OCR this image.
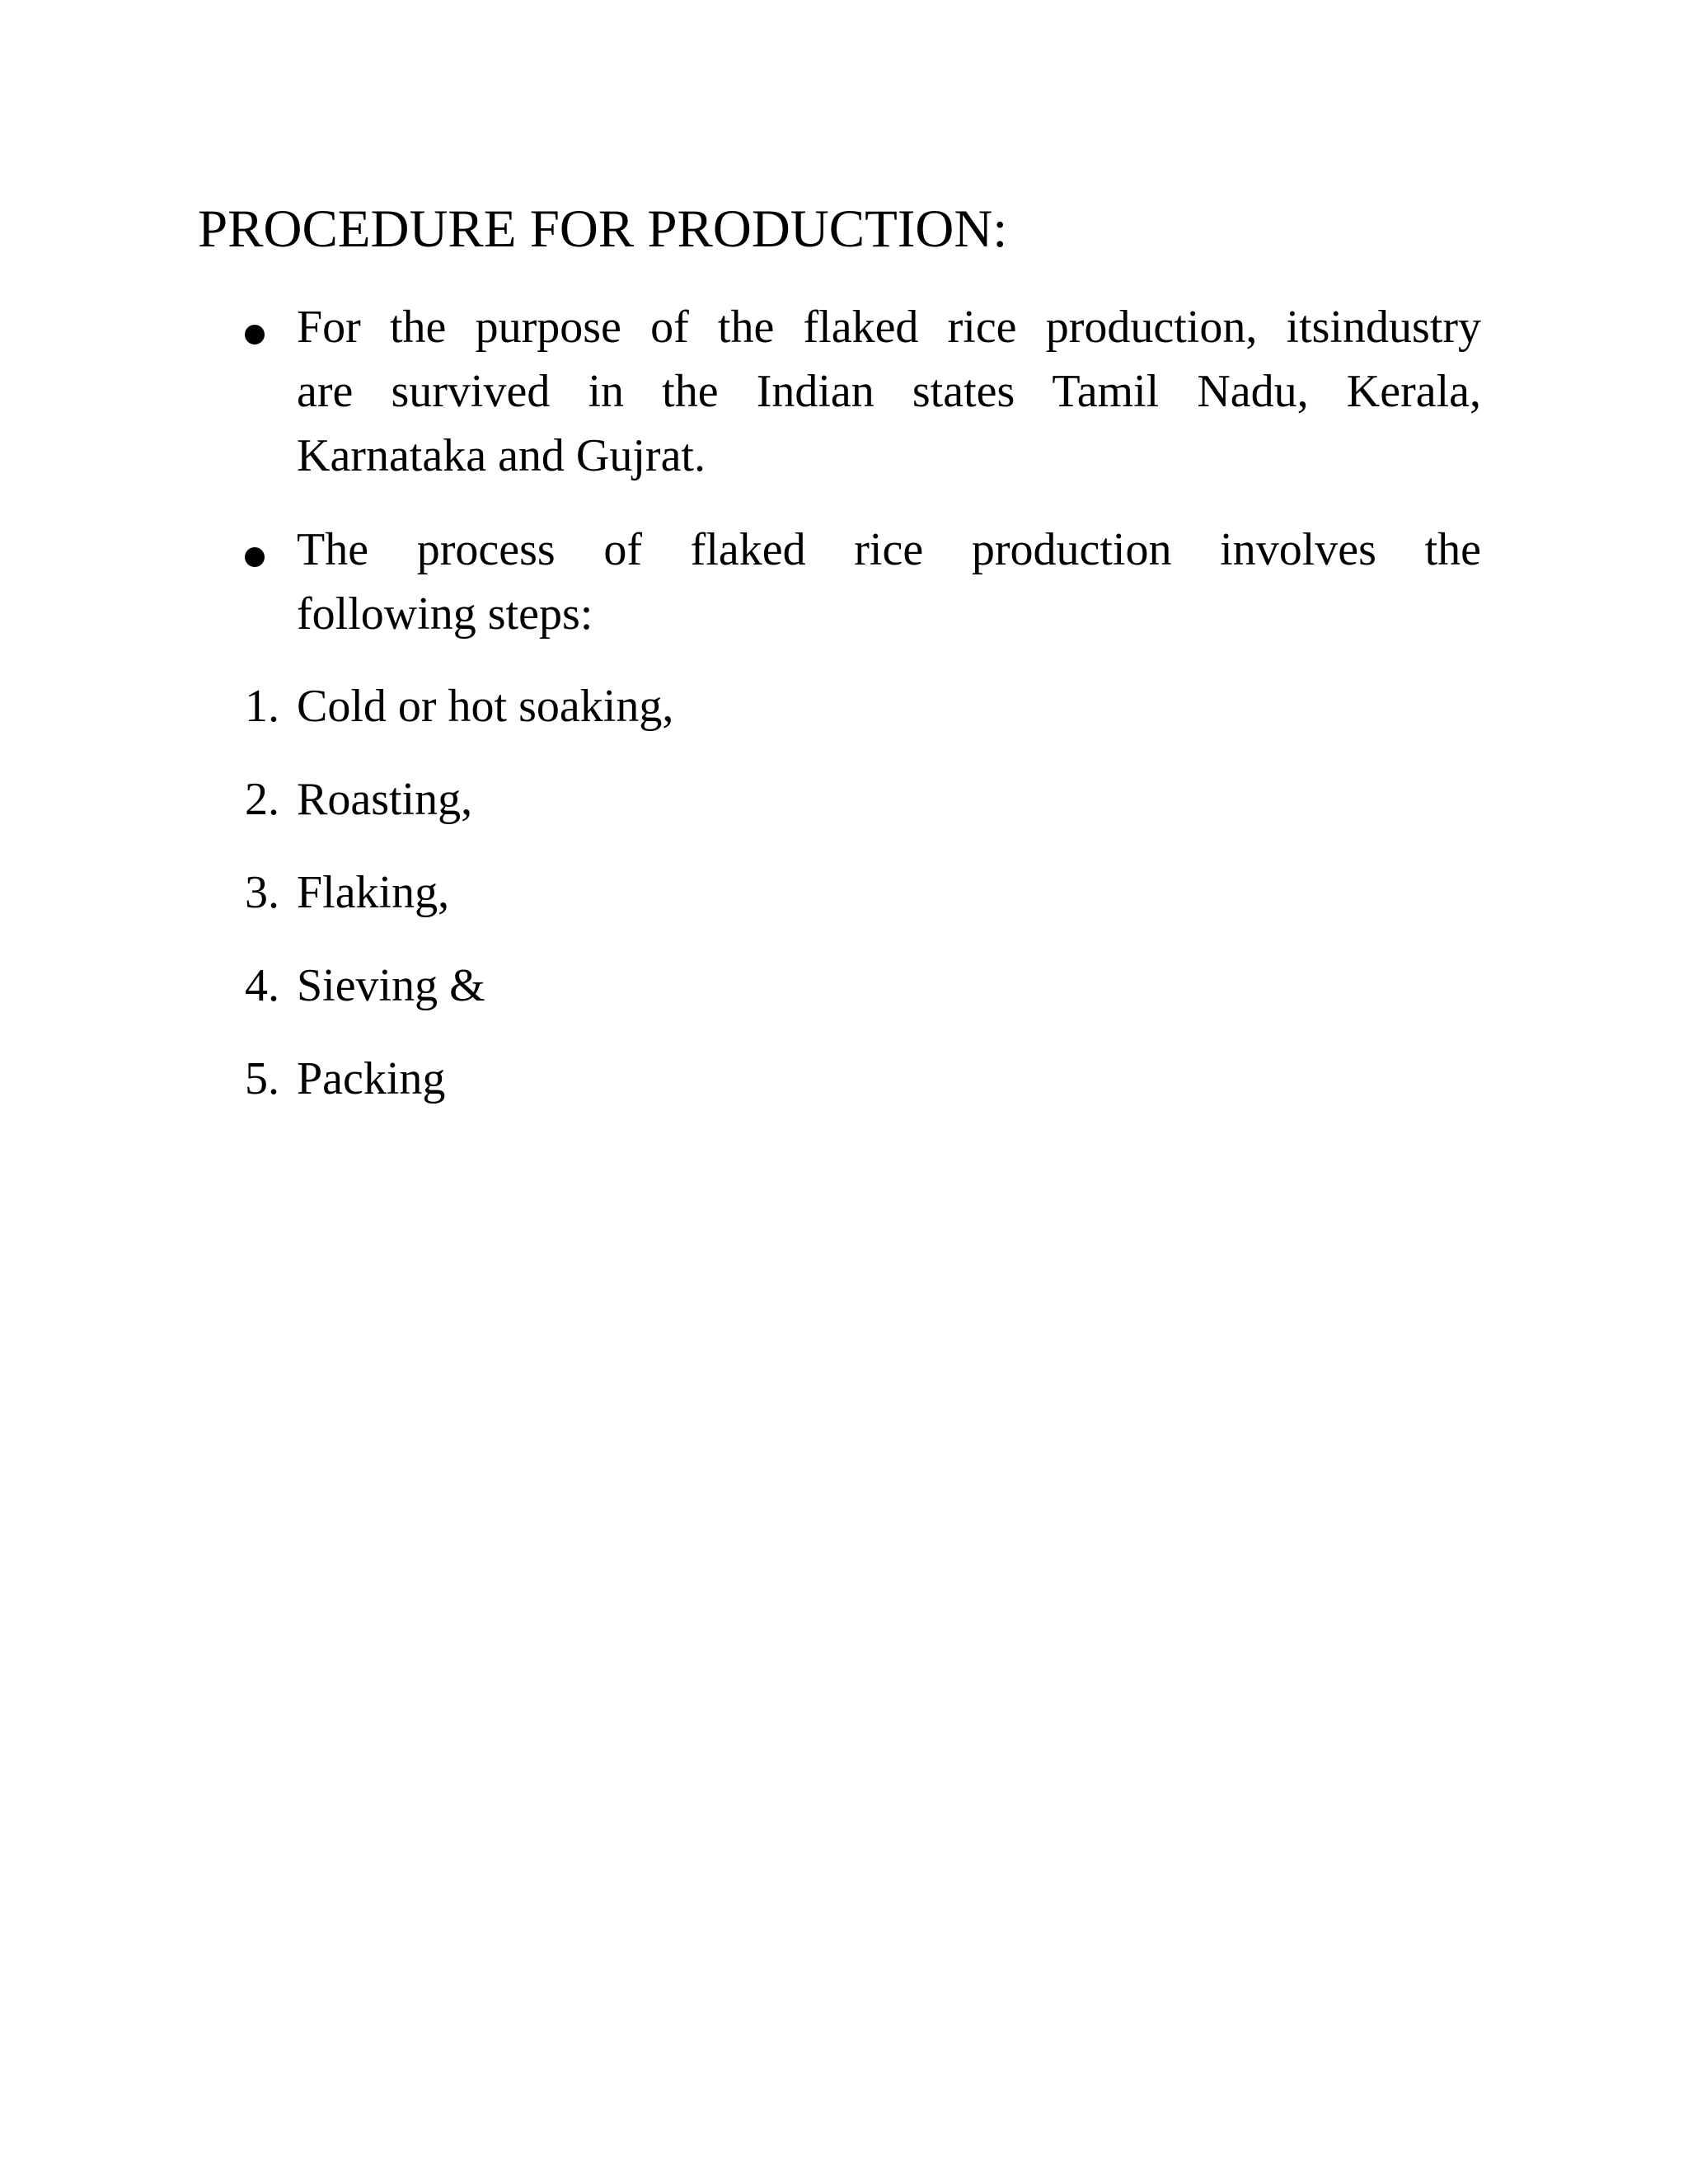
PROCEDURE FOR PRODUCTION:
For the purpose of the flaked rice production, itsindustry
are survived in the Indian states Tamil Nadu, Kerala,
Karnataka and Gujrat.
The process of flaked rice production involves the
following steps:
1. Cold or hot soaking,
2. Roasting,
3. Flaking,
4. Sieving &
5. Packing
